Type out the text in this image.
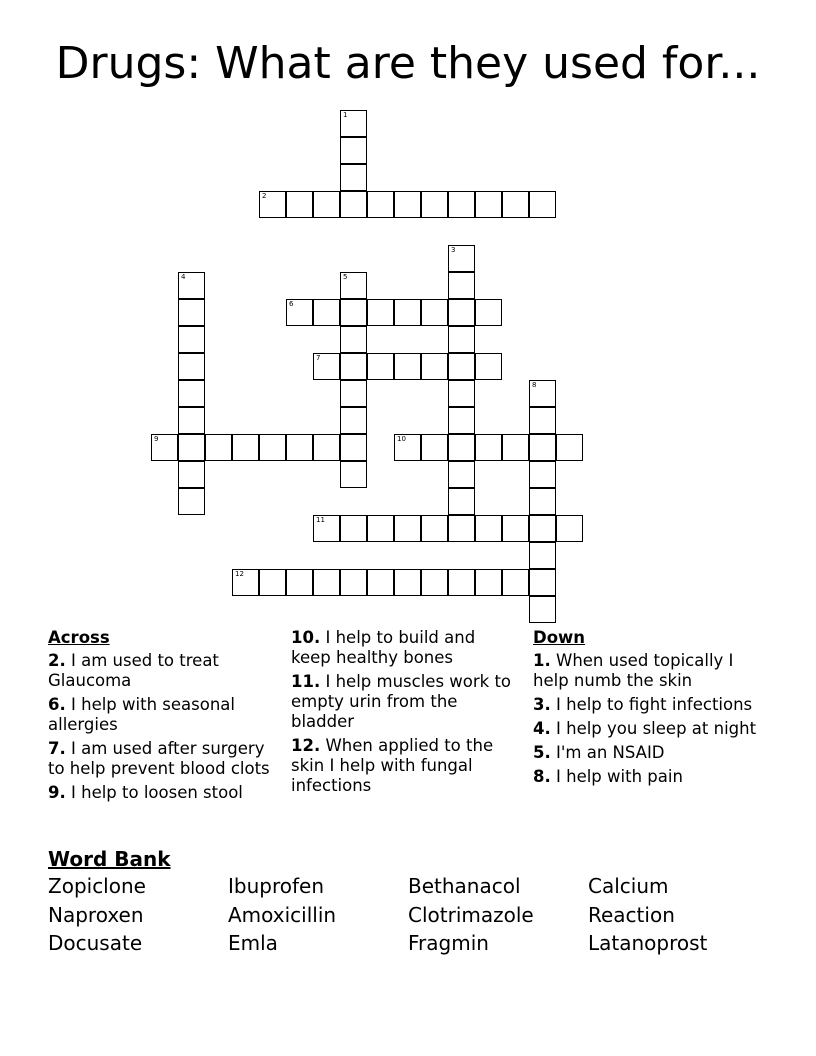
Drugs: What are they used for...
1
2
3
4	5
6
7
8
9	10
11
12
Across
2. I am used to treat Glaucoma
6. I help with seasonal allergies
7. I am used after surgery to help prevent blood clots
9. I help to loosen stool
10. I help to build and keep healthy bones
11. I help muscles work to empty urin from the bladder
12. When applied to the skin I help with fungal infections
Down
1. When used topically I help numb the skin
3. I help to fight infections
4. I help you sleep at night
5. I'm an NSAID
8. I help with pain
Word Bank
Zopiclone	Ibuprofen	Bethanacol	Calcium
Naproxen	Amoxicillin	Clotrimazole	Reaction
Docusate	Emla	Fragmin	Latanoprost
